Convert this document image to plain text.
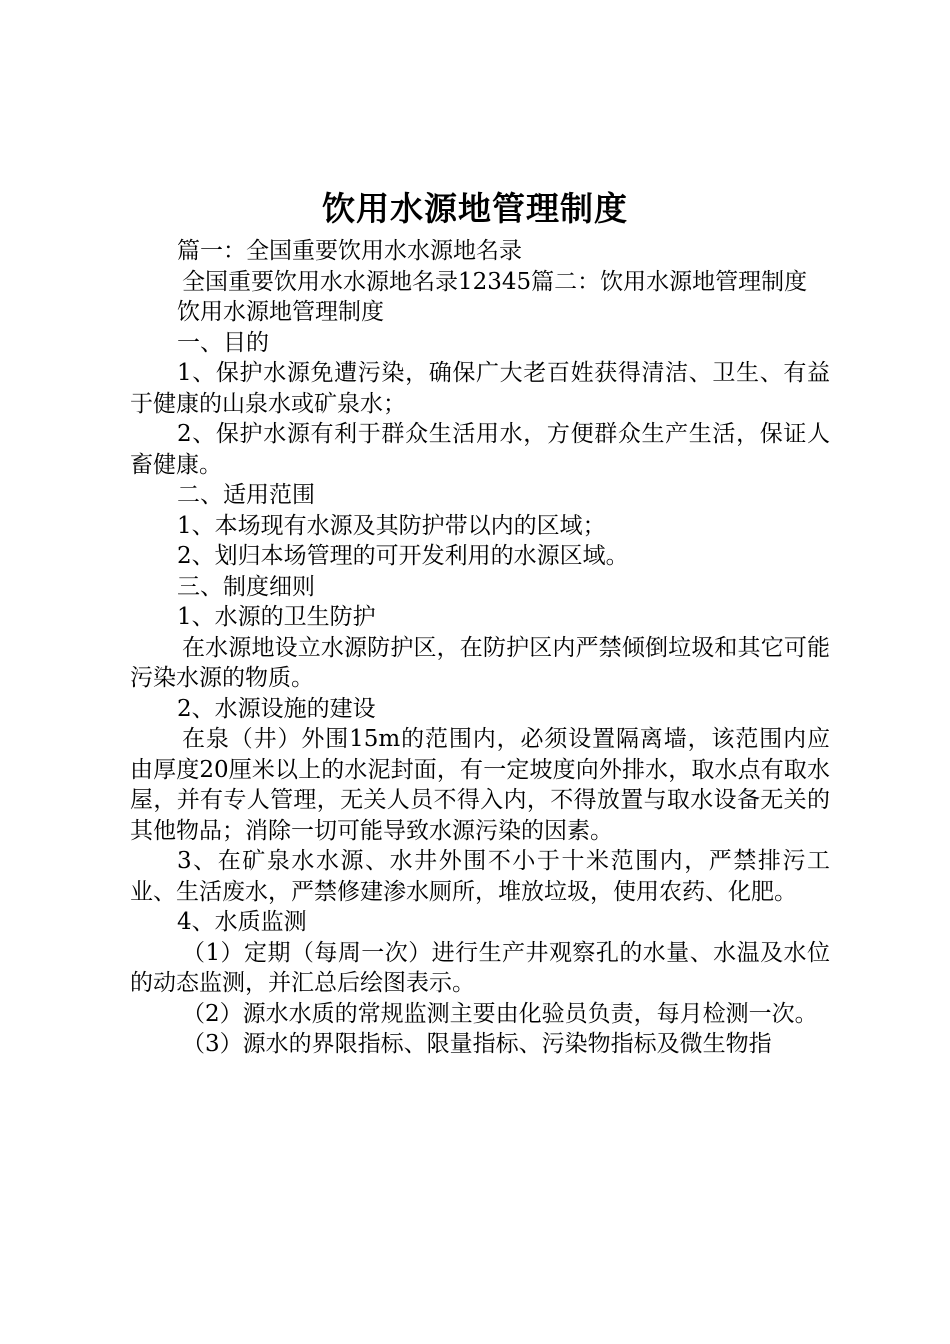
饮用水源地管理制度

篇一：全国重要饮用水水源地名录

全国重要饮用水水源地名录12345篇二：饮用水源地管理制度

饮用水源地管理制度

一、目的

1、保护水源免遭污染，确保广大老百姓获得清洁、卫生、有益于健康的山泉水或矿泉水；

2、保护水源有利于群众生活用水，方便群众生产生活，保证人畜健康。

二、适用范围

1、本场现有水源及其防护带以内的区域；

2、划归本场管理的可开发利用的水源区域。

三、制度细则

1、水源的卫生防护

在水源地设立水源防护区，在防护区内严禁倾倒垃圾和其它可能污染水源的物质。

2、水源设施的建设

在泉（井）外围15m的范围内，必须设置隔离墙，该范围内应由厚度20厘米以上的水泥封面，有一定坡度向外排水，取水点有取水屋，并有专人管理，无关人员不得入内，不得放置与取水设备无关的其他物品；消除一切可能导致水源污染的因素。

3、在矿泉水水源、水井外围不小于十米范围内，严禁排污工业、生活废水，严禁修建渗水厕所，堆放垃圾，使用农药、化肥。

4、水质监测

（1）定期（每周一次）进行生产井观察孔的水量、水温及水位的动态监测，并汇总后绘图表示。

（2）源水水质的常规监测主要由化验员负责，每月检测一次。

（3）源水的界限指标、限量指标、污染物指标及微生物指
